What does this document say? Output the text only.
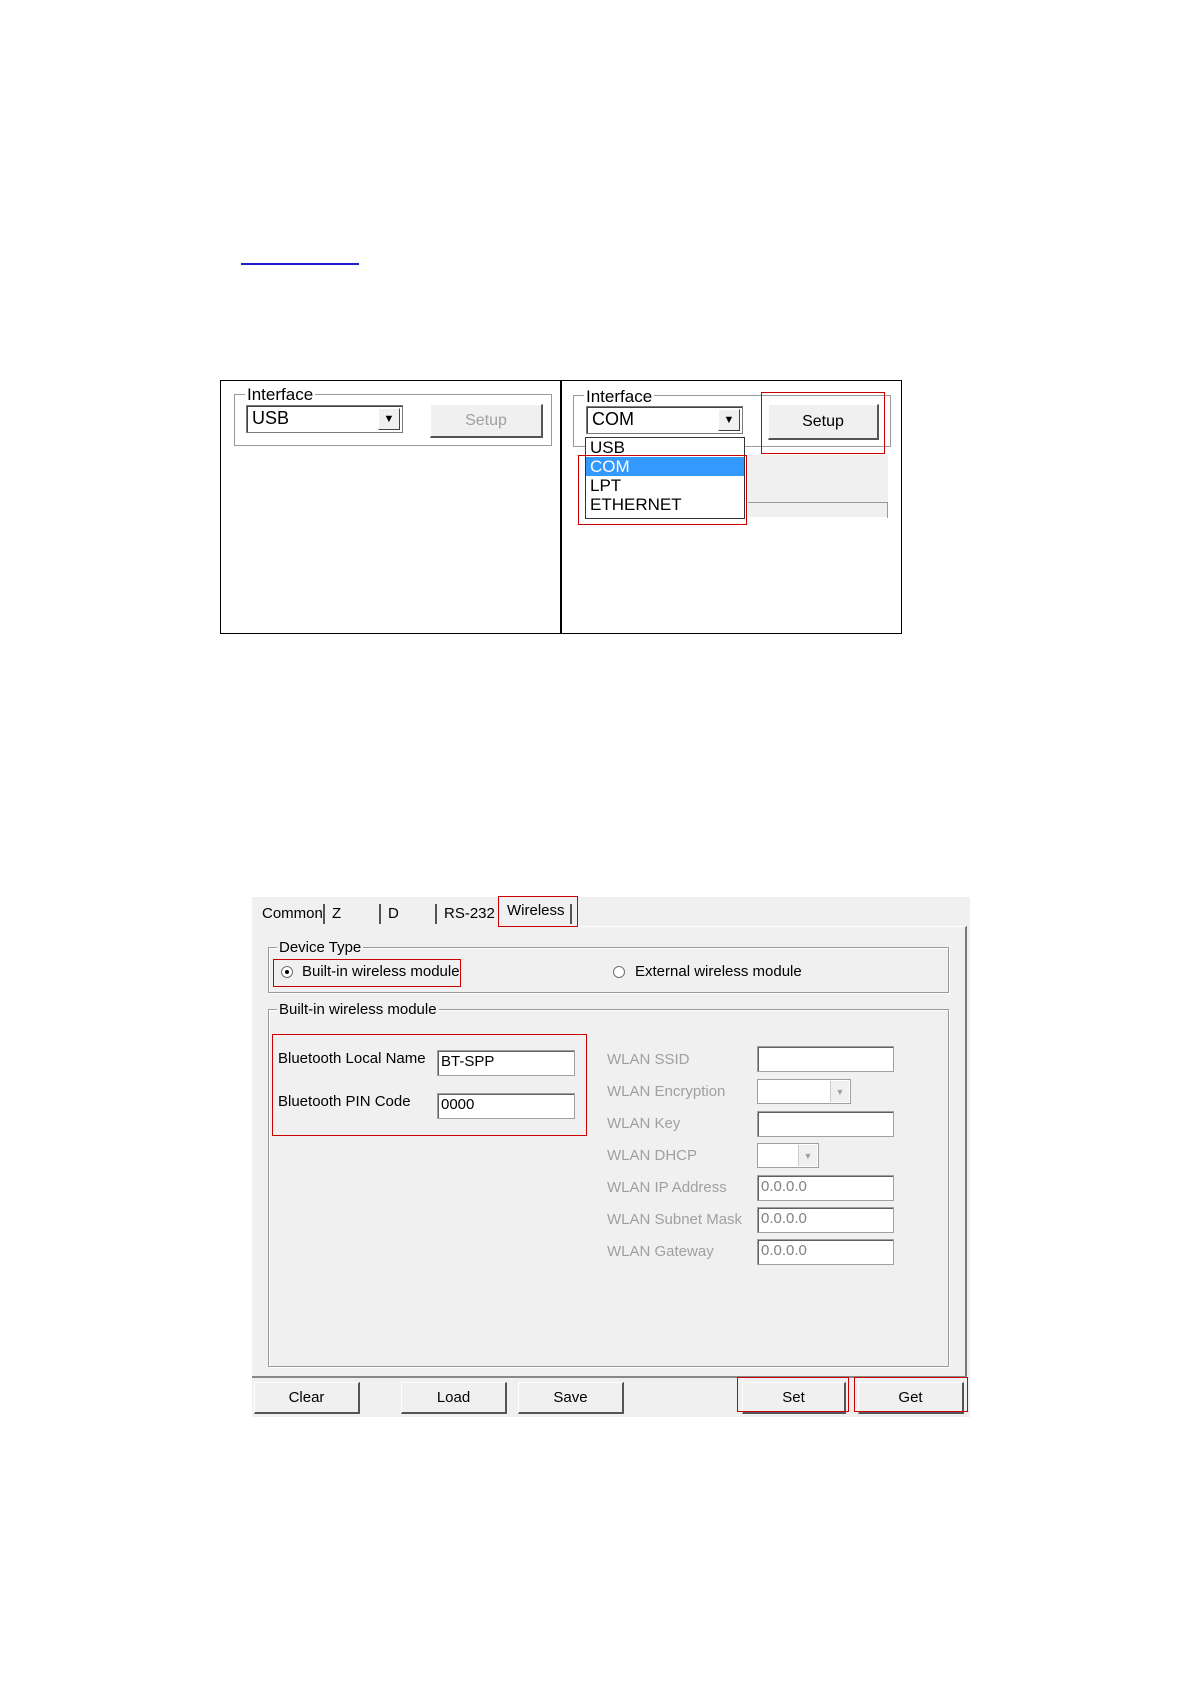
Interface
USB	▼	Setup
Interface
COM	▼	Setup
USB
COM
LPT
ETHERNET
Common Z	D	RS-232 Wireless
Device Type
Built-in wireless module	External wireless module
Built-in wireless module
Bluetooth Local Name BT-SPP
Bluetooth PIN Code 0000
WLAN SSID
WLAN Encryption	▼
WLAN Key
WLAN DHCP	▼
WLAN IP Address 0.0.0.0
WLAN Subnet Mask 0.0.0.0
WLAN Gateway	0.0.0.0
Clear	Load	Save	Set	Get
